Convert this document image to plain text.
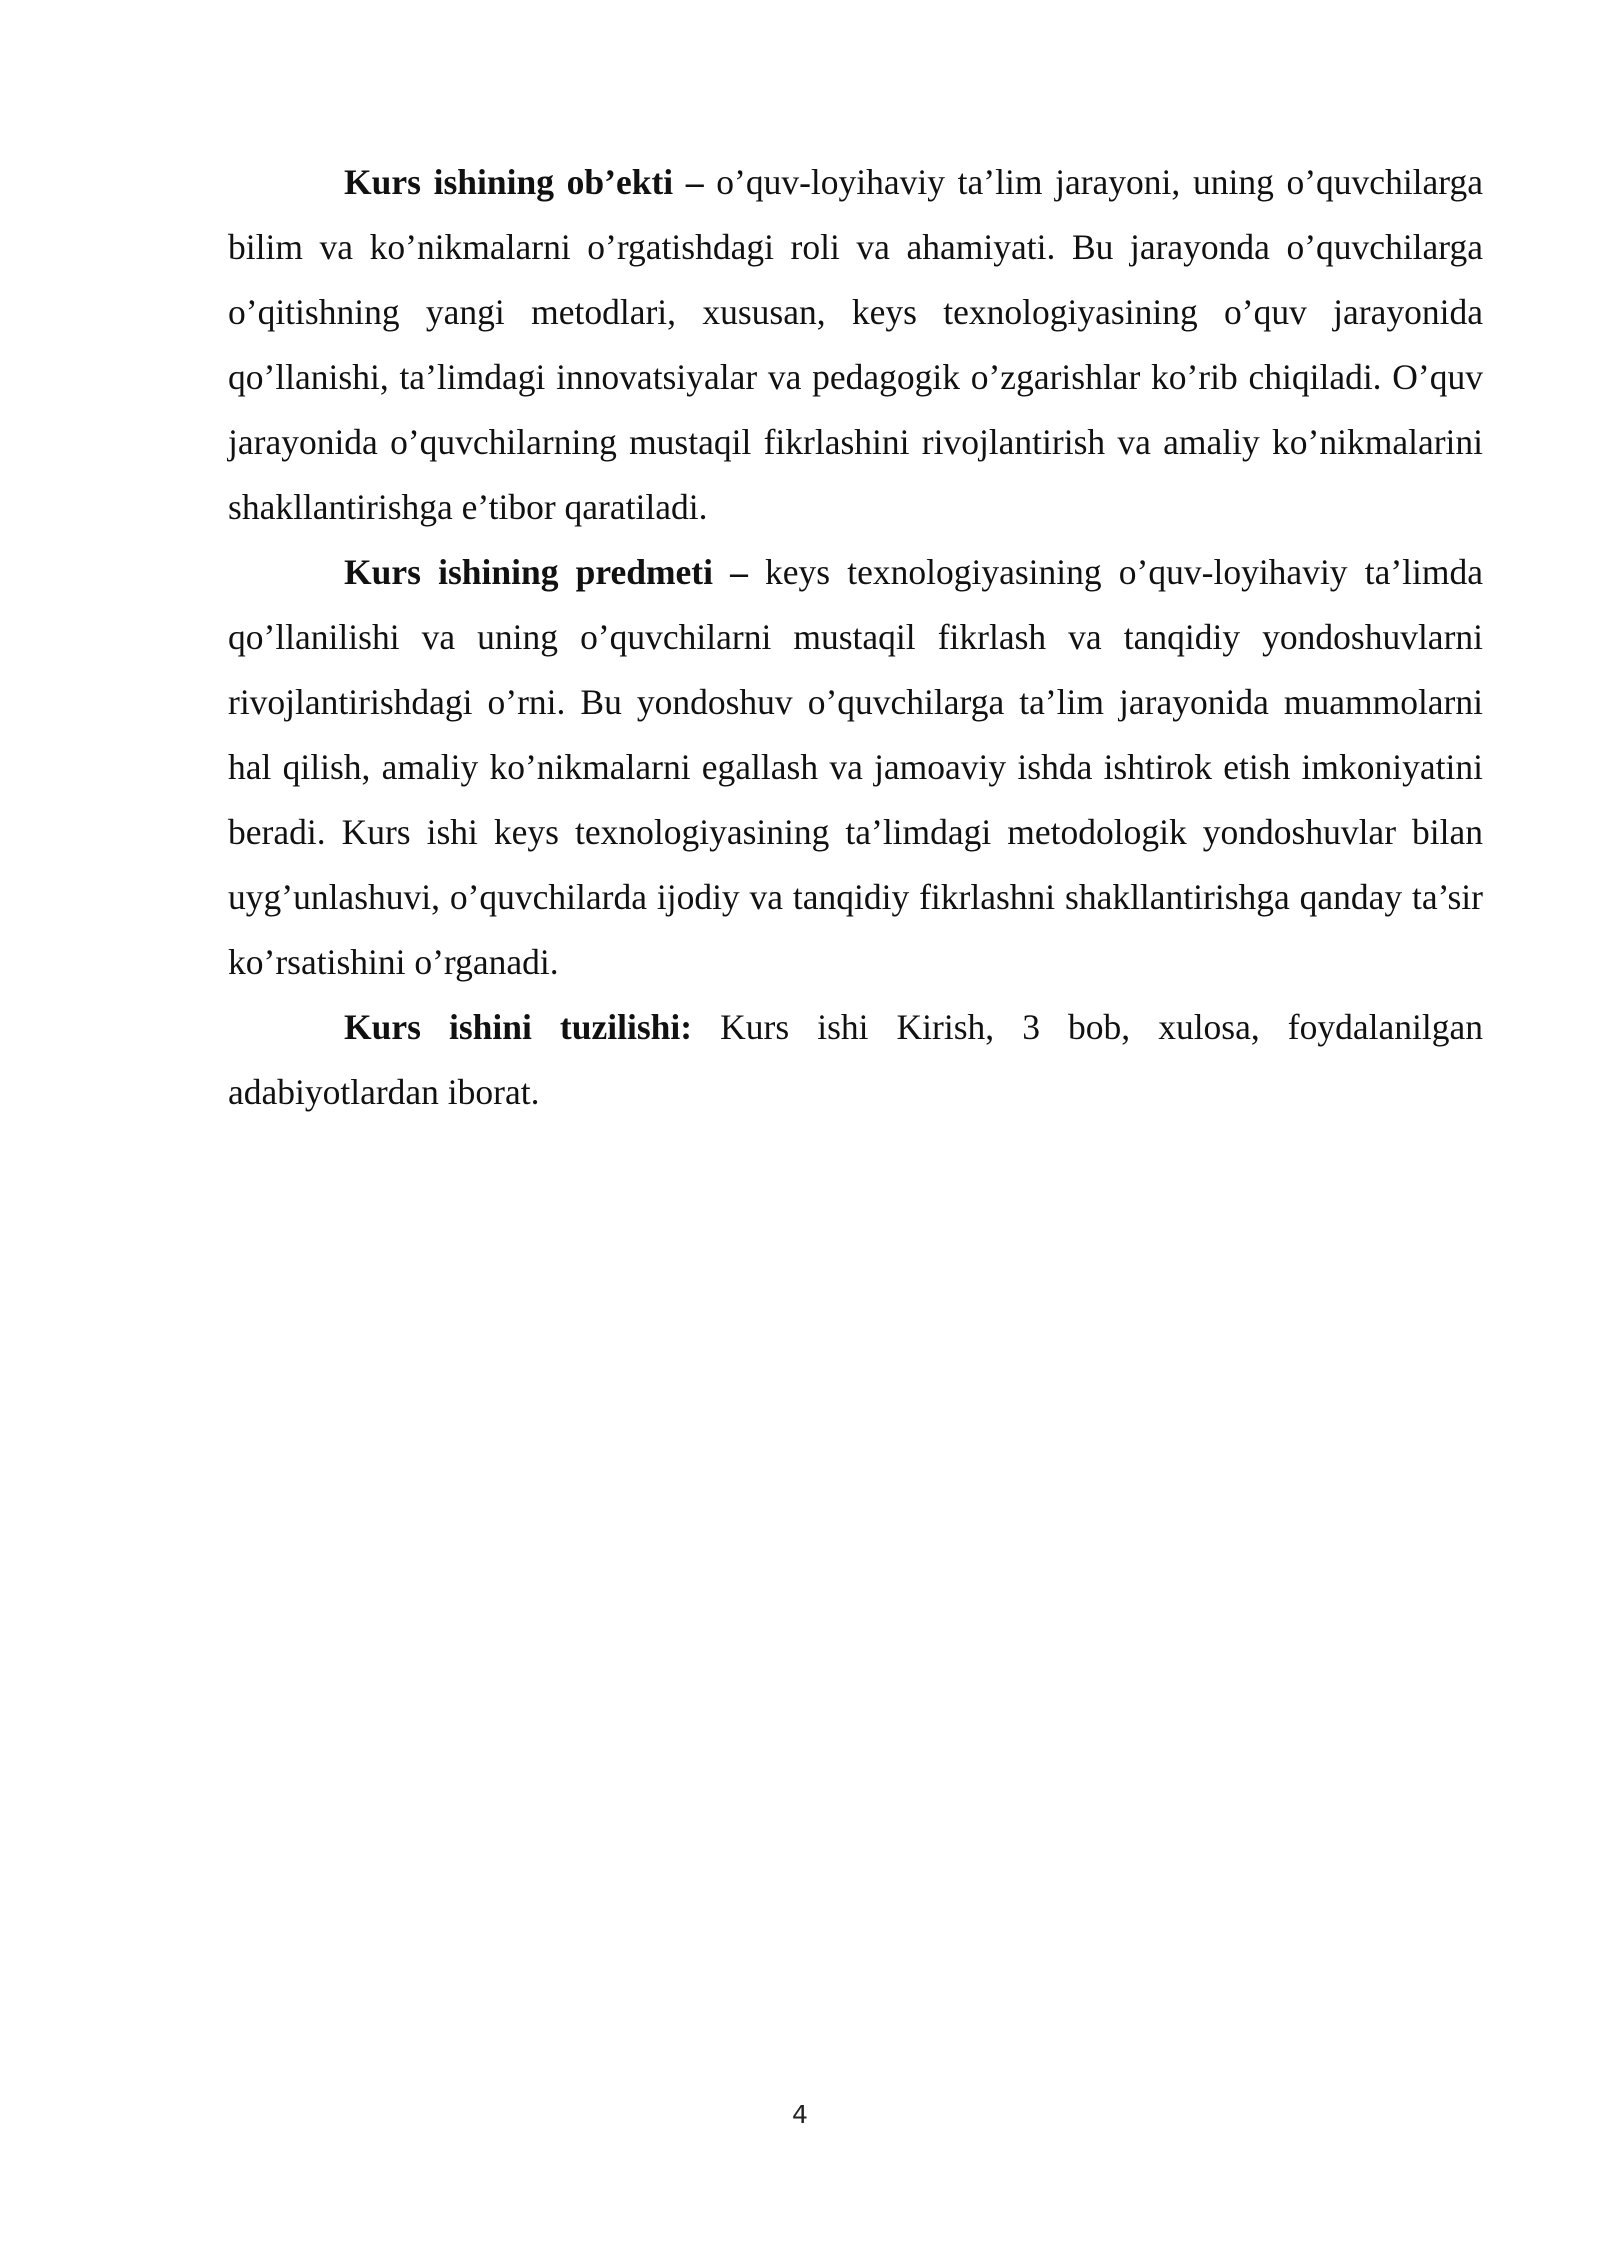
Kurs ishining ob’ekti – o’quv-loyihaviy ta’lim jarayoni, uning o’quvchilarga bilim va ko’nikmalarni o’rgatishdagi roli va ahamiyati. Bu jarayonda o’quvchilarga o’qitishning yangi metodlari, xususan, keys texnologiyasining o’quv jarayonida qo’llanishi, ta’limdagi innovatsiyalar va pedagogik o’zgarishlar ko’rib chiqiladi. O’quv jarayonida o’quvchilarning mustaqil fikrlashini rivojlantirish va amaliy ko’nikmalarini shakllantirishga e’tibor qaratiladi.

Kurs ishining predmeti – keys texnologiyasining o’quv-loyihaviy ta’limda qo’llanilishi va uning o’quvchilarni mustaqil fikrlash va tanqidiy yondoshuvlarni rivojlantirishdagi o’rni. Bu yondoshuv o’quvchilarga ta’lim jarayonida muammolarni hal qilish, amaliy ko’nikmalarni egallash va jamoaviy ishda ishtirok etish imkoniyatini beradi. Kurs ishi keys texnologiyasining ta’limdagi metodologik yondoshuvlar bilan uyg’unlashuvi, o’quvchilarda ijodiy va tanqidiy fikrlashni shakllantirishga qanday ta’sir ko’rsatishini o’rganadi.

Kurs ishini tuzilishi: Kurs ishi Kirish, 3 bob, xulosa, foydalanilgan adabiyotlardan iborat.

4
